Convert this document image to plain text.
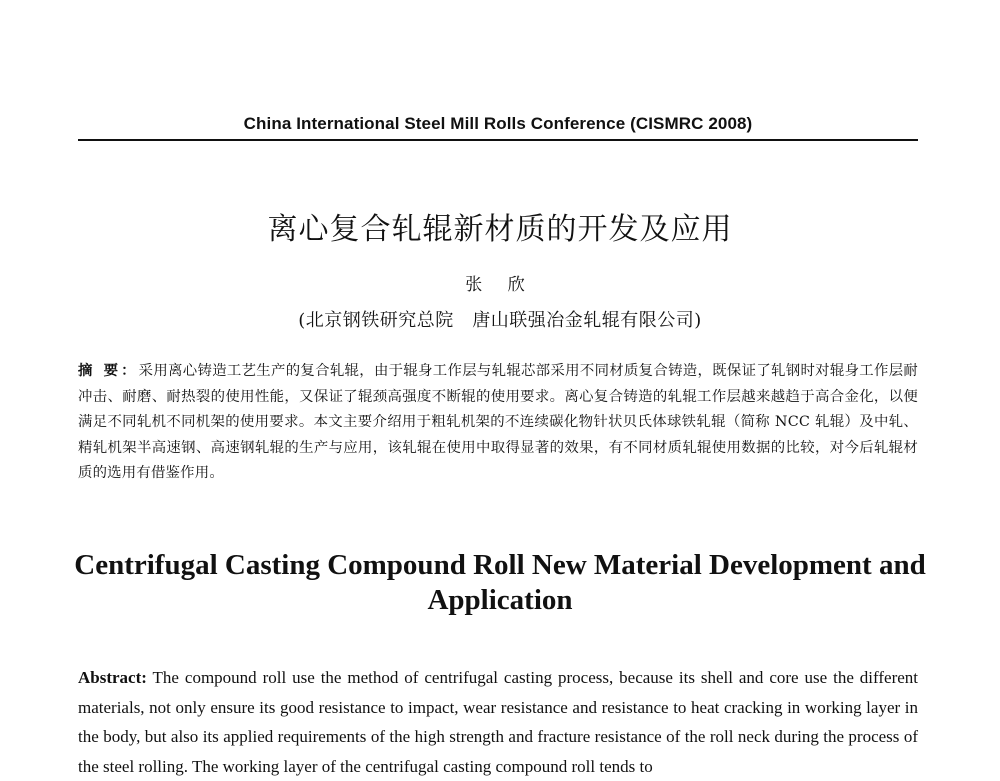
China International Steel Mill Rolls Conference (CISMRC 2008)
离心复合轧辊新材质的开发及应用
张 欣
(北京钢铁研究总院　唐山联强冶金轧辊有限公司)
摘 要：采用离心铸造工艺生产的复合轧辊，由于辊身工作层与轧辊芯部采用不同材质复合铸造，既保证了轧钢时对辊身工作层耐冲击、耐磨、耐热裂的使用性能，又保证了辊颈高强度不断辊的使用要求。离心复合铸造的轧辊工作层越来越趋于高合金化，以便满足不同轧机不同机架的使用要求。本文主要介绍用于粗轧机架的不连续碳化物针状贝氏体球铁轧辊（简称 NCC 轧辊）及中轧、精轧机架半高速钢、高速钢轧辊的生产与应用，该轧辊在使用中取得显著的效果，有不同材质轧辊使用数据的比较，对今后轧辊材质的选用有借鉴作用。
Centrifugal Casting Compound Roll New Material Development and Application
Abstract: The compound roll use the method of centrifugal casting process, because its shell and core use the different materials, not only ensure its good resistance to impact, wear resistance and resistance to heat cracking in working layer in the body, but also its applied requirements of the high strength and fracture resistance of the roll neck during the process of the steel rolling. The working layer of the centrifugal casting compound roll tends to
